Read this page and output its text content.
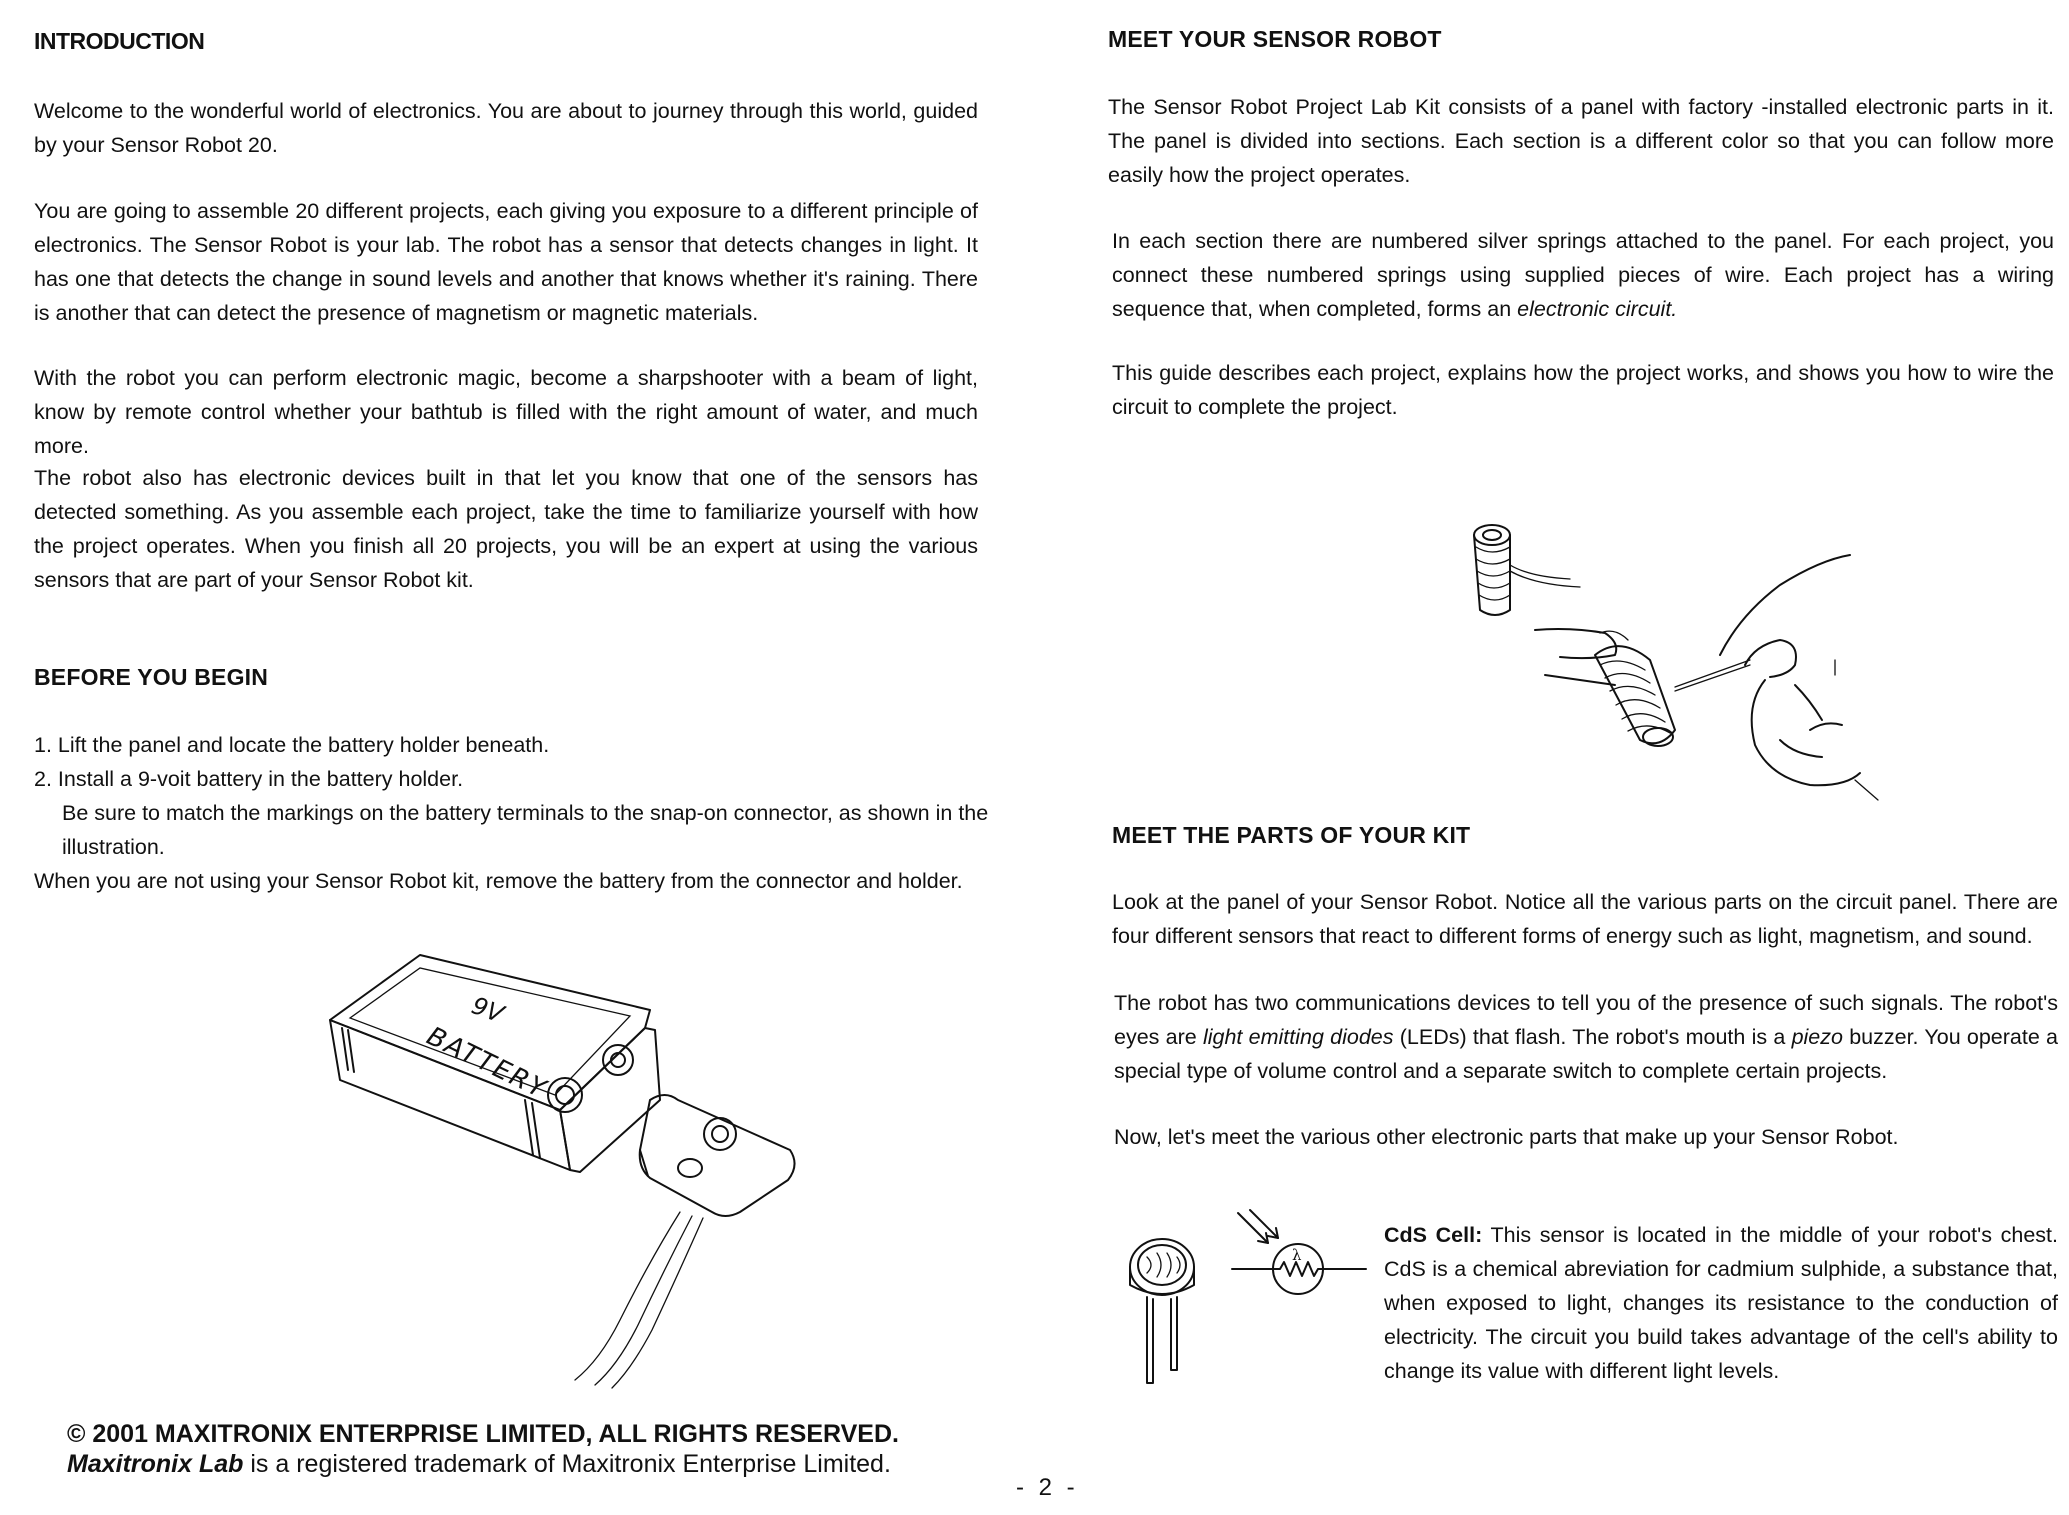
INTRODUCTION

Welcome to the wonderful world of electronics. You are about to journey through this world, guided by your Sensor Robot 20.

You are going to assemble 20 different projects, each giving you exposure to a different principle of electronics. The Sensor Robot is your lab. The robot has a sensor that detects changes in light. It has one that detects the change in sound levels and another that knows whether it's raining. There is another that can detect the presence of magnetism or magnetic materials.

With the robot you can perform electronic magic, become a sharpshooter with a beam of light, know by remote control whether your bathtub is filled with the right amount of water, and much more.

The robot also has electronic devices built in that let you know that one of the sensors has detected something. As you assemble each project, take the time to familiarize yourself with how the project operates. When you finish all 20 projects, you will be an expert at using the various sensors that are part of your Sensor Robot kit.

BEFORE YOU BEGIN
1. Lift the panel and locate the battery holder beneath.
2. Install a 9-voit battery in the battery holder.
Be sure to match the markings on the battery terminals to the snap-on connector, as shown in the
illustration.
When you are not using your Sensor Robot kit, remove the battery from the connector and holder.
9V
BATTERY
© 2001 MAXITRONIX ENTERPRISE LIMITED, ALL RIGHTS RESERVED.
Maxitronix Lab is a registered trademark of Maxitronix Enterprise Limited.
- 2 -
MEET YOUR SENSOR ROBOT

The Sensor Robot Project Lab Kit consists of a panel with factory -installed electronic parts in it. The panel is divided into sections. Each section is a different color so that you can follow more easily how the project operates.

In each section there are numbered silver springs attached to the panel. For each project, you connect these numbered springs using supplied pieces of wire. Each project has a wiring sequence that, when completed, forms an electronic circuit.

This guide describes each project, explains how the project works, and shows you how to wire the circuit to complete the project.

MEET THE PARTS OF YOUR KIT

Look at the panel of your Sensor Robot. Notice all the various parts on the circuit panel. There are four different sensors that react to different forms of energy such as light, magnetism, and sound.

The robot has two communications devices to tell you of the presence of such signals. The robot's eyes are light emitting diodes (LEDs) that flash. The robot's mouth is a piezo buzzer. You operate a special type of volume control and a separate switch to complete certain projects.

Now, let's meet the various other electronic parts that make up your Sensor Robot.

CdS Cell: This sensor is located in the middle of your robot's chest. CdS is a chemical abreviation for cadmium sulphide, a substance that, when exposed to light, changes its resistance to the conduction of electricity. The circuit you build takes advantage of the cell's ability to change its value with different light levels.

λ
